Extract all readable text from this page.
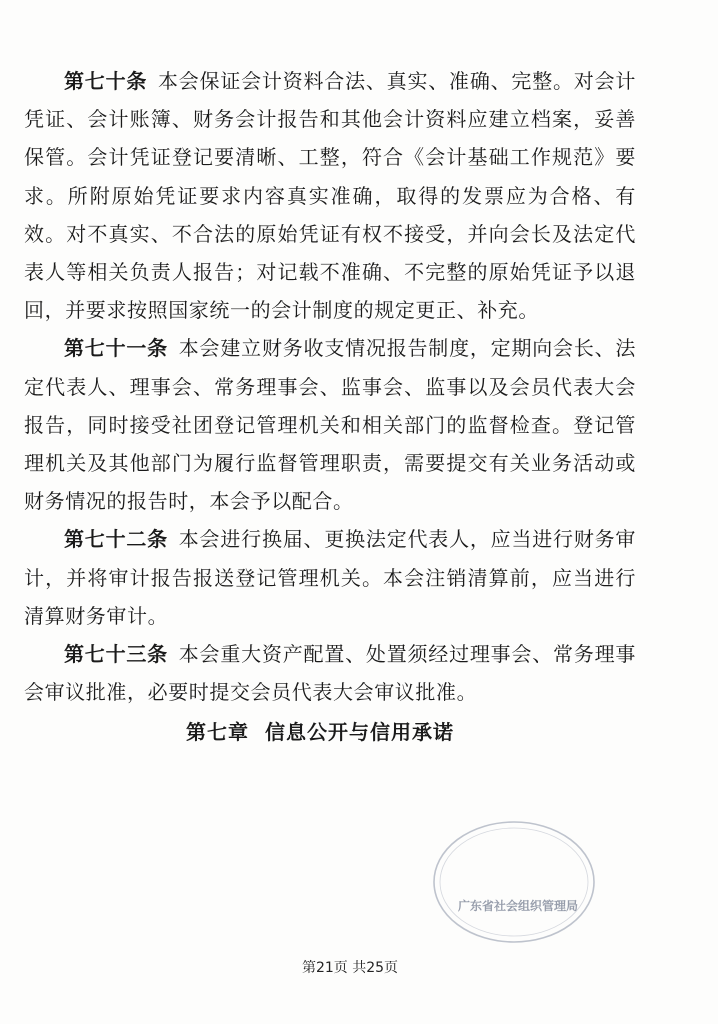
第七十条  本会保证会计资料合法、真实、准确、完整。对会计凭证、会计账簿、财务会计报告和其他会计资料应建立档案，妥善保管。会计凭证登记要清晰、工整，符合《会计基础工作规范》要求。所附原始凭证要求内容真实准确，取得的发票应为合格、有效。对不真实、不合法的原始凭证有权不接受，并向会长及法定代表人等相关负责人报告；对记载不准确、不完整的原始凭证予以退回，并要求按照国家统一的会计制度的规定更正、补充。

第七十一条  本会建立财务收支情况报告制度，定期向会长、法定代表人、理事会、常务理事会、监事会、监事以及会员代表大会报告，同时接受社团登记管理机关和相关部门的监督检查。登记管理机关及其他部门为履行监督管理职责，需要提交有关业务活动或财务情况的报告时，本会予以配合。

第七十二条  本会进行换届、更换法定代表人，应当进行财务审计，并将审计报告报送登记管理机关。本会注销清算前，应当进行清算财务审计。

第七十三条  本会重大资产配置、处置须经过理事会、常务理事会审议批准，必要时提交会员代表大会审议批准。

第七章  信息公开与信用承诺
广东省社会组织管理局
第21页 共25页
